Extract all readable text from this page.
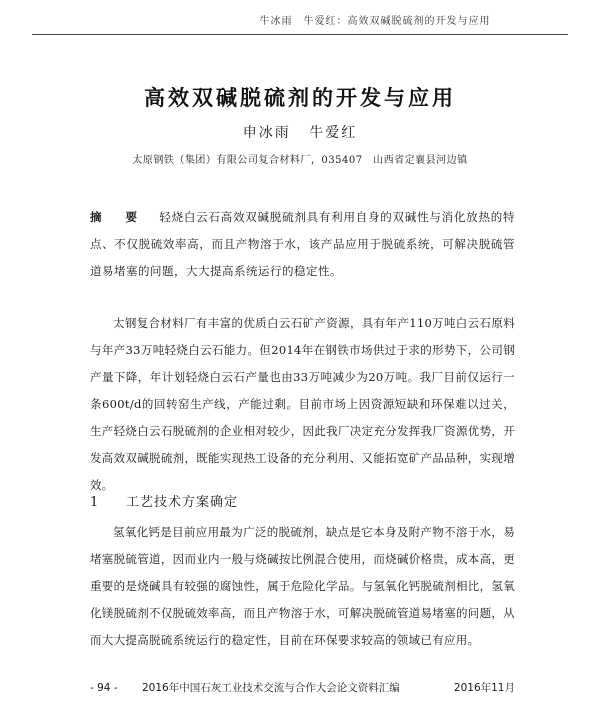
牛冰雨　牛爱红：高效双碱脱硫剂的开发与应用
高效双碱脱硫剂的开发与应用
申冰雨 牛爱红
太原钢铁（集团）有限公司复合材料厂，035407　山西省定襄县河边镇
摘　要 轻烧白云石高效双碱脱硫剂具有利用自身的双碱性与消化放热的特点、不仅脱硫效率高，而且产物溶于水，该产品应用于脱硫系统，可解决脱硫管道易堵塞的问题，大大提高系统运行的稳定性。
太钢复合材料厂有丰富的优质白云石矿产资源，具有年产110万吨白云石原料与年产33万吨轻烧白云石能力。但2014年在钢铁市场供过于求的形势下，公司钢产量下降，年计划轻烧白云石产量也由33万吨减少为20万吨。我厂目前仅运行一条600t/d的回转窑生产线，产能过剩。目前市场上因资源短缺和环保难以过关，生产轻烧白云石脱硫剂的企业相对较少，因此我厂决定充分发挥我厂资源优势，开发高效双碱脱硫剂，既能实现热工设备的充分利用、又能拓宽矿产品品种，实现增效。
1 工艺技术方案确定
氢氧化钙是目前应用最为广泛的脱硫剂，缺点是它本身及附产物不溶于水，易堵塞脱硫管道，因而业内一般与烧碱按比例混合使用，而烧碱价格贵，成本高，更重要的是烧碱具有较强的腐蚀性，属于危险化学品。与氢氧化钙脱硫剂相比，氢氧化镁脱硫剂不仅脱硫效率高，而且产物溶于水，可解决脱硫管道易堵塞的问题，从而大大提高脱硫系统运行的稳定性，目前在环保要求较高的领域已有应用。
- 94 -	2016年中国石灰工业技术交流与合作大会论文资料汇编	2016年11月
